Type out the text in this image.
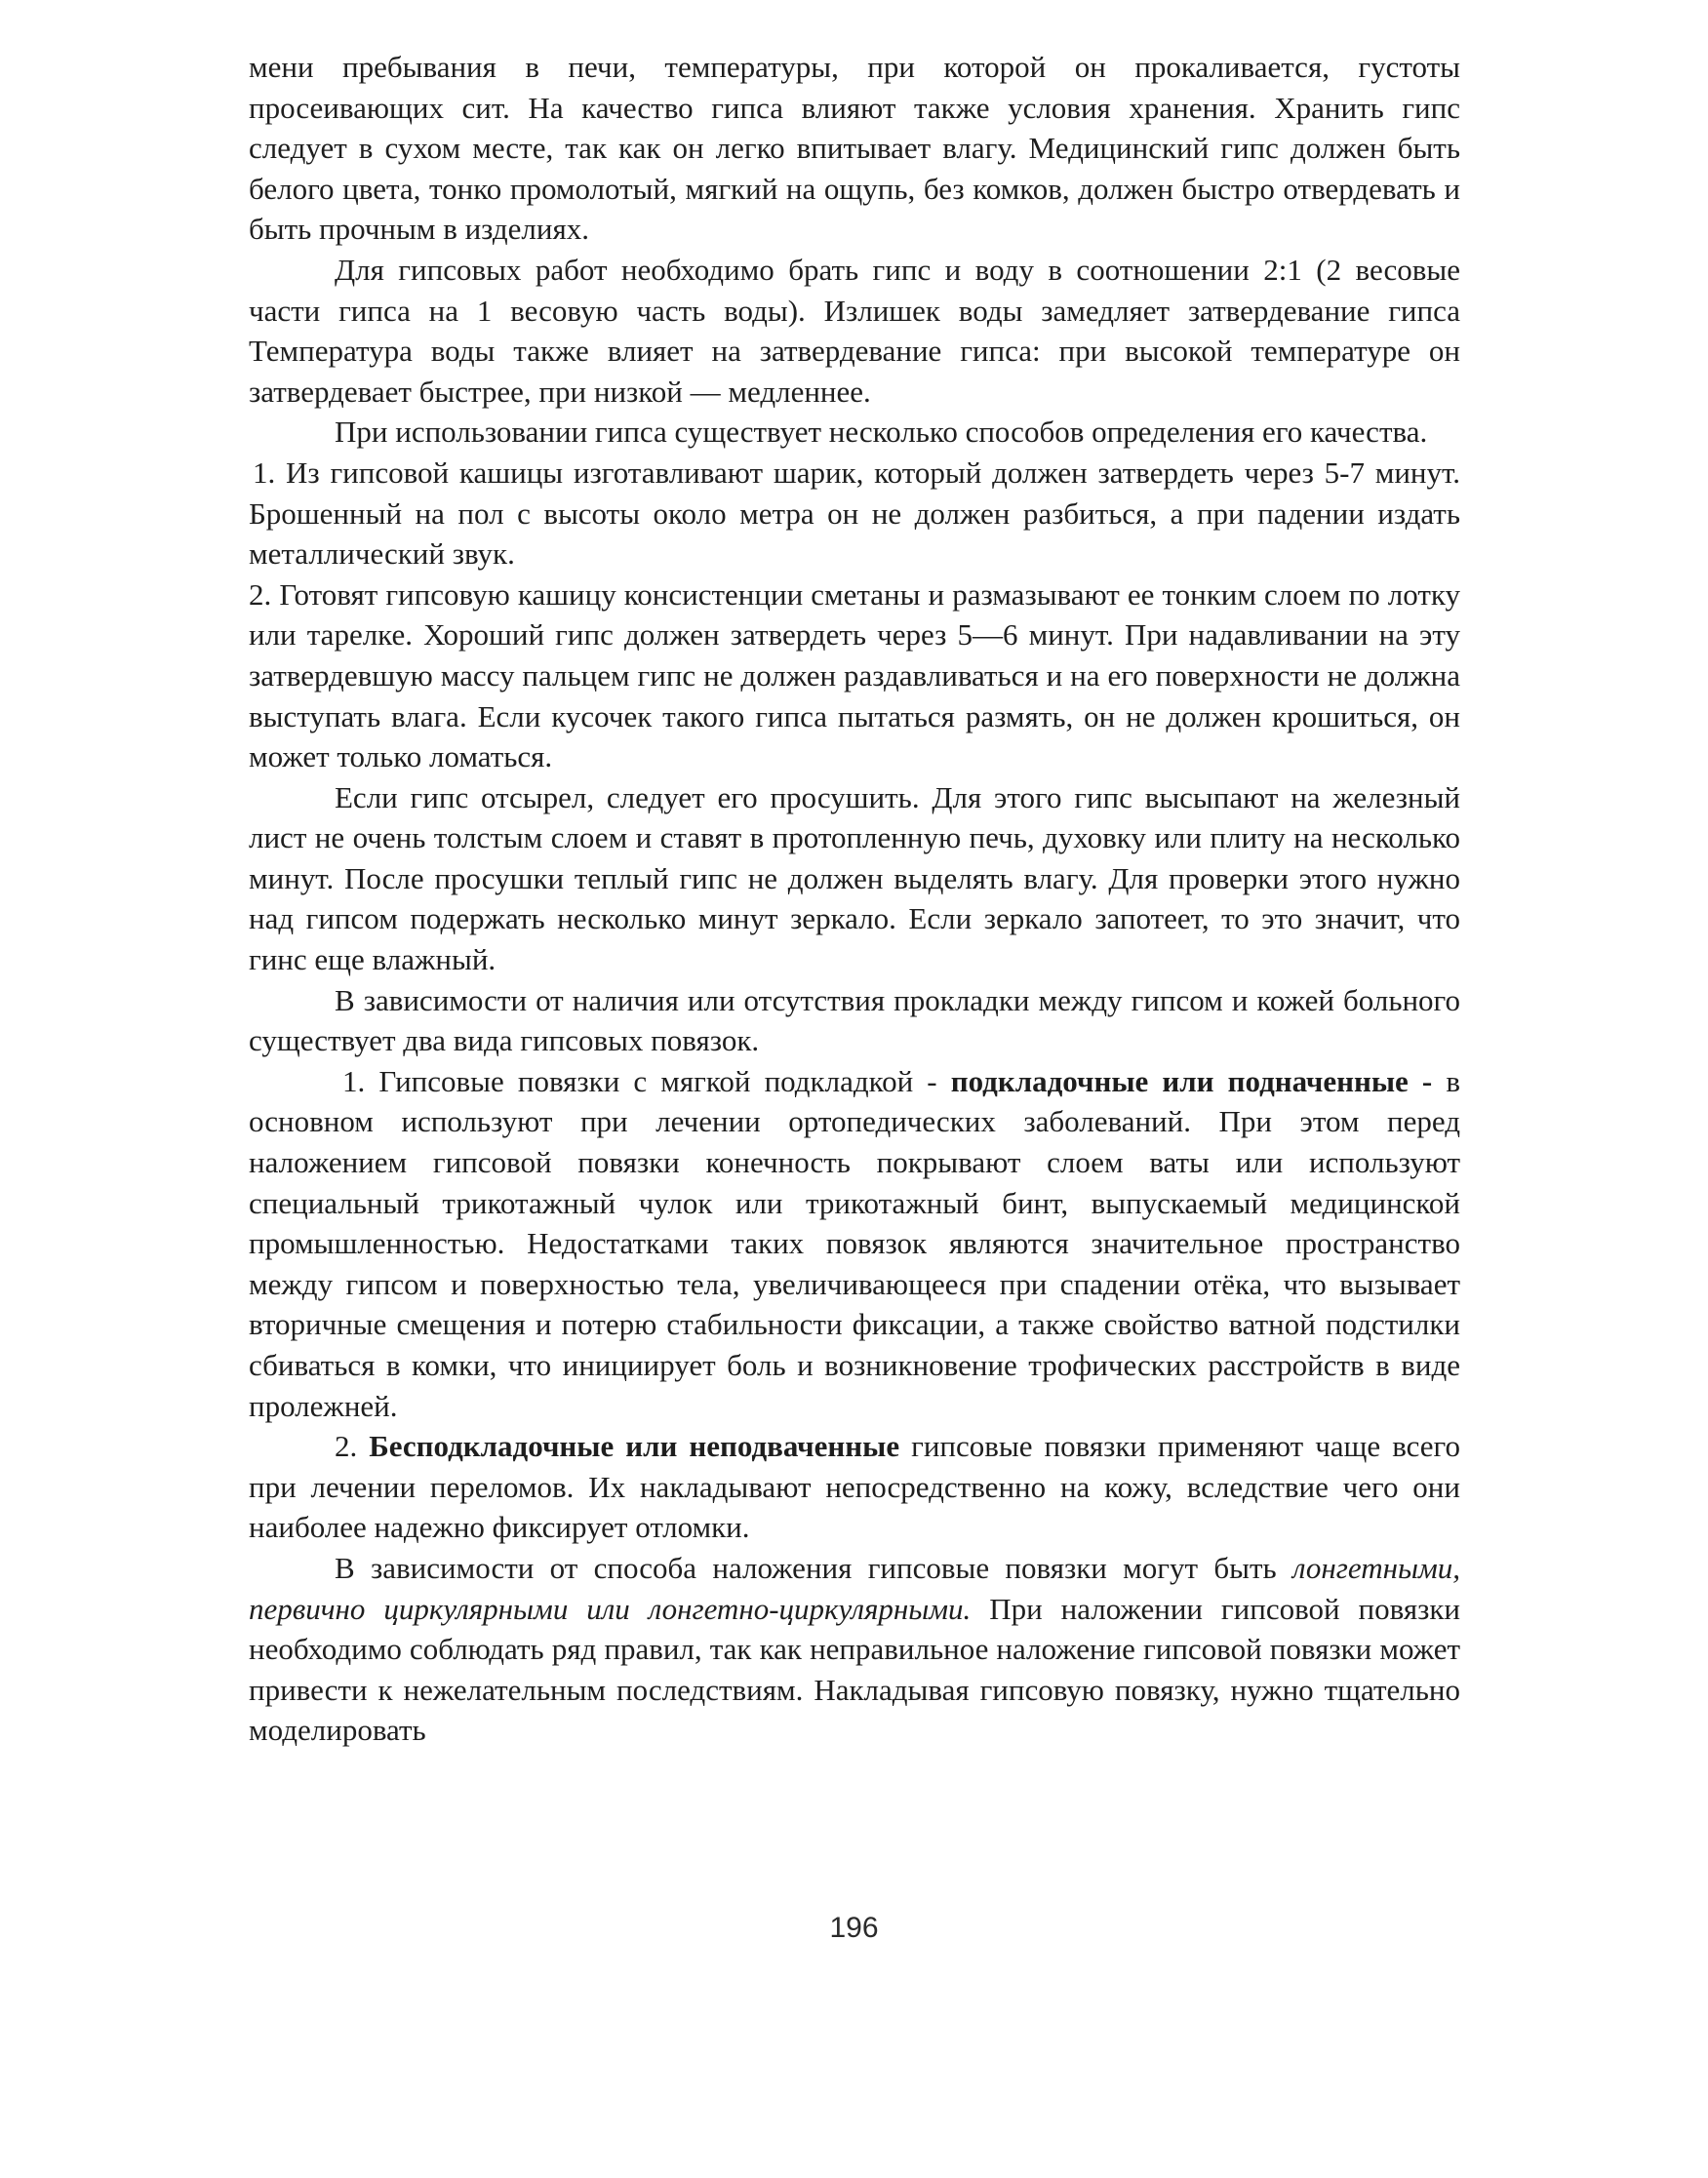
мени пребывания в печи, температуры, при которой он прокаливается, густоты просеивающих сит. На качество гипса влияют также условия хранения. Хранить гипс следует в сухом месте, так как он легко впитывает влагу. Медицинский гипс должен быть белого цвета, тонко промолотый, мягкий на ощупь, без комков, должен быстро отвердевать и быть прочным в изделиях.

Для гипсовых работ необходимо брать гипс и воду в соотношении 2:1 (2 весовые части гипса на 1 весовую часть воды). Излишек воды замедляет затвердевание гипса Температура воды также влияет на затвердевание гипса: при высокой температуре он затвердевает быстрее, при низкой — медленнее.

При использовании гипса существует несколько способов определения его качества.

1. Из гипсовой кашицы изготавливают шарик, который должен затвердеть через 5-7 минут. Брошенный на пол с высоты около метра он не должен разбиться, а при падении издать металлический звук.

2. Готовят гипсовую кашицу консистенции сметаны и размазывают ее тонким слоем по лотку или тарелке. Хороший гипс должен затвердеть через 5—6 минут. При надавливании на эту затвердевшую массу пальцем гипс не должен раздавливаться и на его поверхности не должна выступать влага. Если кусочек такого гипса пытаться размять, он не должен крошиться, он может только ломаться.

Если гипс отсырел, следует его просушить. Для этого гипс высыпают на железный лист не очень толстым слоем и ставят в протопленную печь, духовку или плиту на несколько минут. После просушки теплый гипс не должен выделять влагу. Для проверки этого нужно над гипсом подержать несколько минут зеркало. Если зеркало запотеет, то это значит, что гинс еще влажный.

В зависимости от наличия или отсутствия прокладки между гипсом и кожей больного существует два вида гипсовых повязок.

1. Гипсовые повязки с мягкой подкладкой - подкладочные или подначенные - в основном используют при лечении ортопедических заболеваний. При этом перед наложением гипсовой повязки конечность покрывают слоем ваты или используют специальный трикотажный чулок или трикотажный бинт, выпускаемый медицинской промышленностью. Недостатками таких повязок являются значительное пространство между гипсом и поверхностью тела, увеличивающееся при спадении отёка, что вызывает вторичные смещения и потерю стабильности фиксации, а также свойство ватной подстилки сбиваться в комки, что инициирует боль и возникновение трофических расстройств в виде пролежней.

2. Бесподкладочные или неподваченные гипсовые повязки применяют чаще всего при лечении переломов. Их накладывают непосредственно на кожу, вследствие чего они наиболее надежно фиксирует отломки.

В зависимости от способа наложения гипсовые повязки могут быть лонгетными, первично циркулярными или лонгетно-циркулярными. При наложении гипсовой повязки необходимо соблюдать ряд правил, так как неправильное наложение гипсовой повязки может привести к нежелательным последствиям. Накладывая гипсовую повязку, нужно тщательно моделировать

196
